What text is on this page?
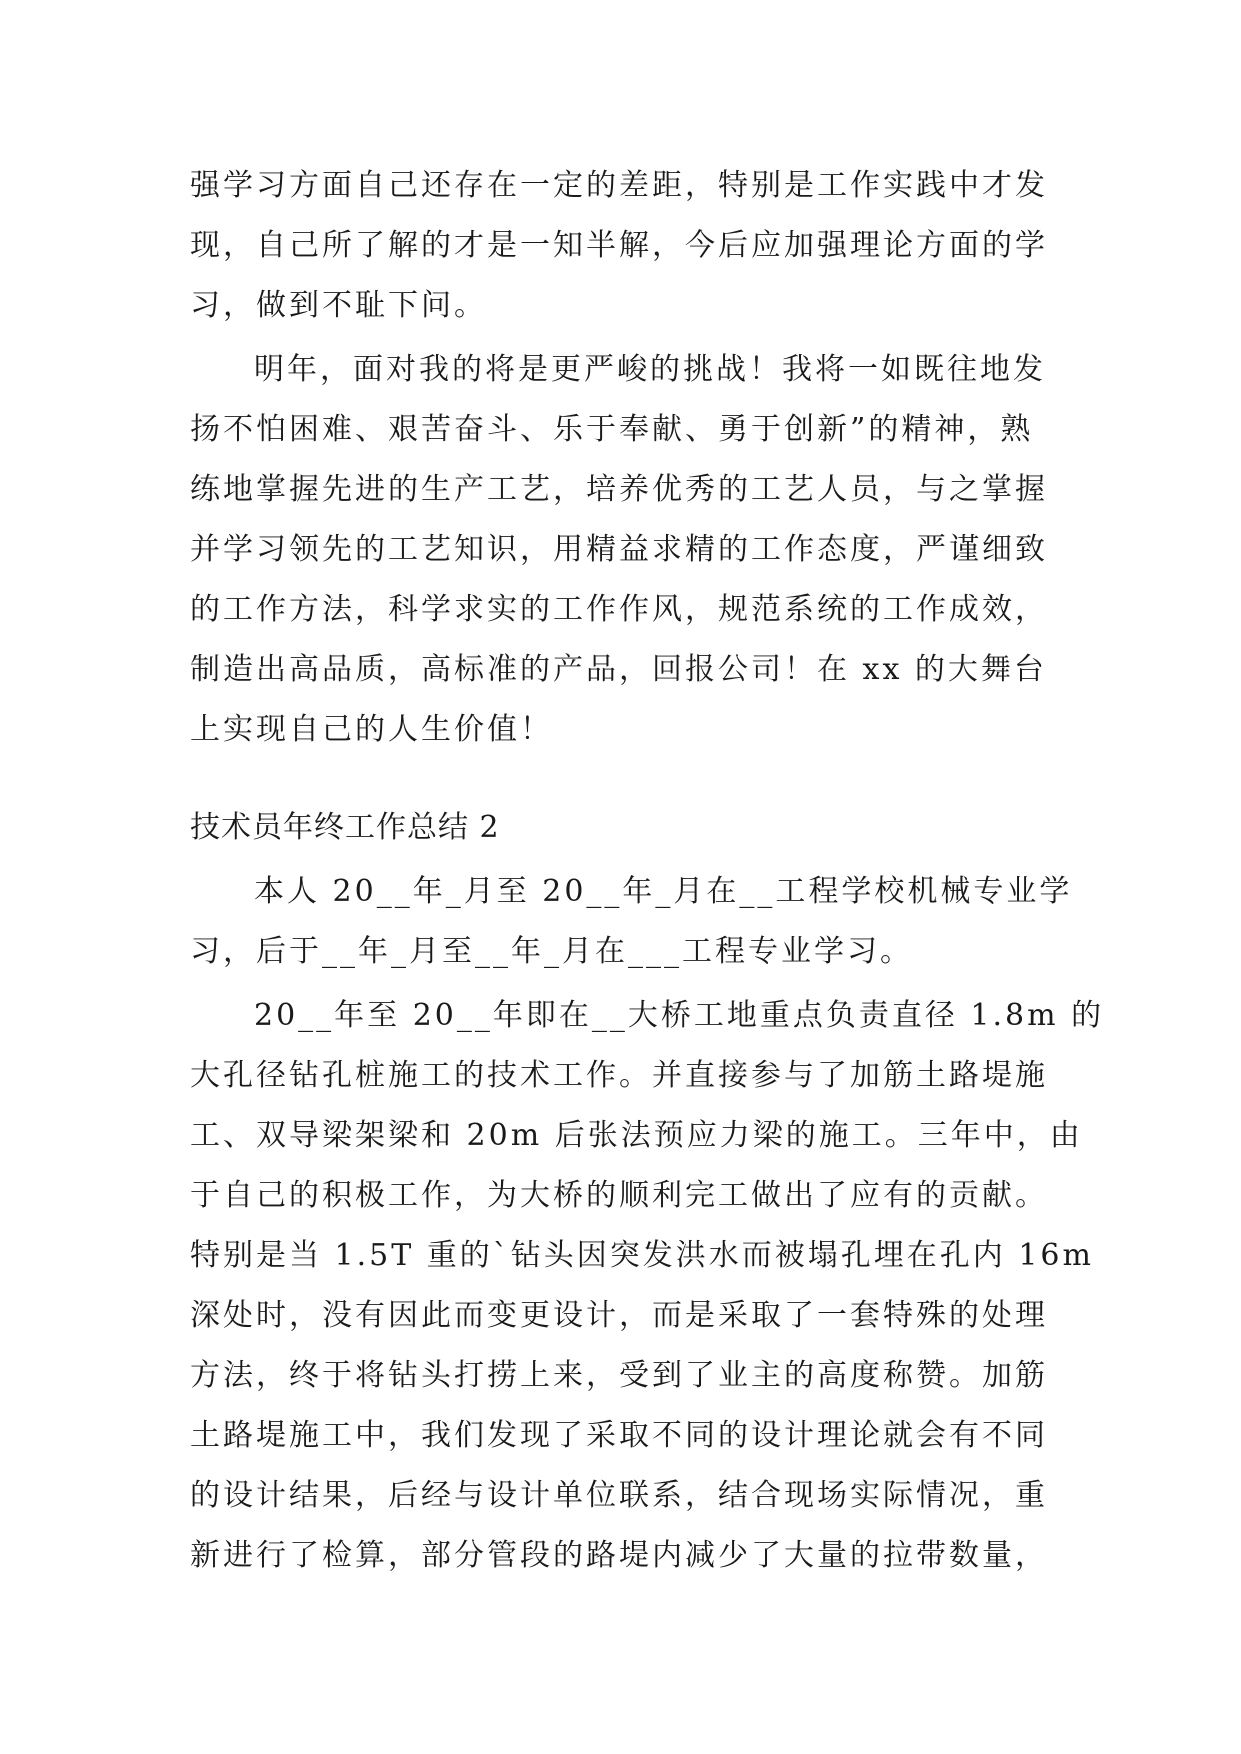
强学习方面自己还存在一定的差距，特别是工作实践中才发
现，自己所了解的才是一知半解，今后应加强理论方面的学
习，做到不耻下问。
明年，面对我的将是更严峻的挑战！我将一如既往地发
扬不怕困难、艰苦奋斗、乐于奉献、勇于创新”的精神，熟
练地掌握先进的生产工艺，培养优秀的工艺人员，与之掌握
并学习领先的工艺知识，用精益求精的工作态度，严谨细致
的工作方法，科学求实的工作作风，规范系统的工作成效，
制造出高品质，高标准的产品，回报公司！在 xx 的大舞台
上实现自己的人生价值！
技术员年终工作总结 2
本人 20__年_月至 20__年_月在__工程学校机械专业学
习，后于__年_月至__年_月在___工程专业学习。
20__年至 20__年即在__大桥工地重点负责直径 1.8m 的
大孔径钻孔桩施工的技术工作。并直接参与了加筋土路堤施
工、双导梁架梁和 20m 后张法预应力梁的施工。三年中，由
于自己的积极工作，为大桥的顺利完工做出了应有的贡献。
特别是当 1.5T 重的`钻头因突发洪水而被塌孔埋在孔内 16m
深处时，没有因此而变更设计，而是采取了一套特殊的处理
方法，终于将钻头打捞上来，受到了业主的高度称赞。加筋
土路堤施工中，我们发现了采取不同的设计理论就会有不同
的设计结果，后经与设计单位联系，结合现场实际情况，重
新进行了检算，部分管段的路堤内减少了大量的拉带数量，
